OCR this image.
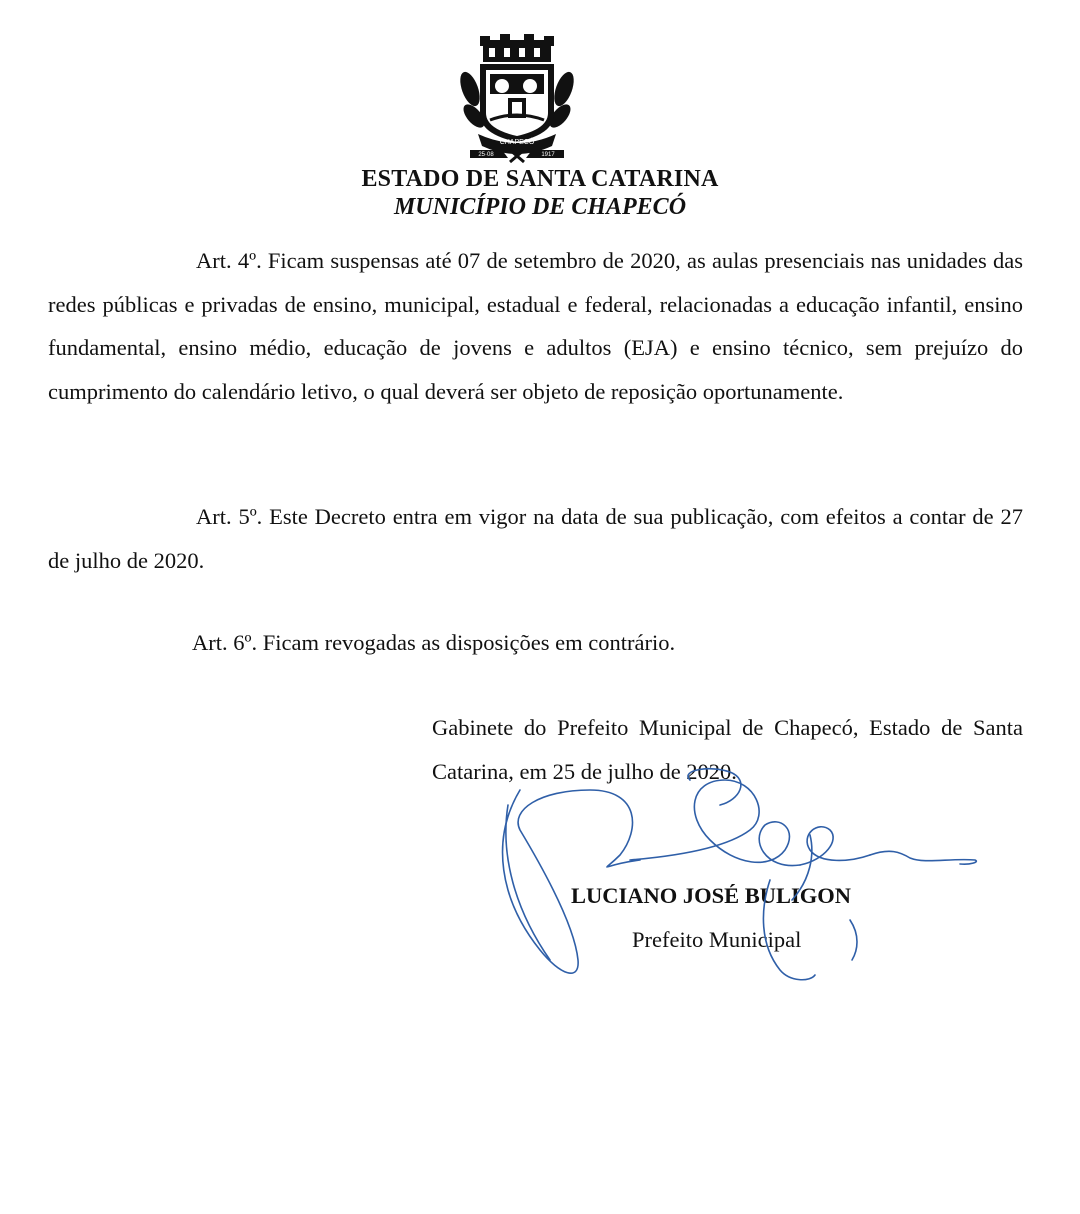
CHAPECÓ
25·08	1917
ESTADO DE SANTA CATARINA
MUNICÍPIO DE CHAPECÓ

Art. 4º. Ficam suspensas até 07 de setembro de 2020, as aulas presenciais nas unidades das redes públicas e privadas de ensino, municipal, estadual e federal, relacionadas a educação infantil, ensino fundamental, ensino médio, educação de jovens e adultos (EJA) e ensino técnico, sem prejuízo do cumprimento do calendário letivo, o qual deverá ser objeto de reposição oportunamente.

Art. 5º. Este Decreto entra em vigor na data de sua publicação, com efeitos a contar de 27 de julho de 2020.

Art. 6º. Ficam revogadas as disposições em contrário.

Gabinete do Prefeito Municipal de Chapecó, Estado de Santa Catarina, em 25 de julho de 2020.

LUCIANO JOSÉ BULIGON
Prefeito Municipal
